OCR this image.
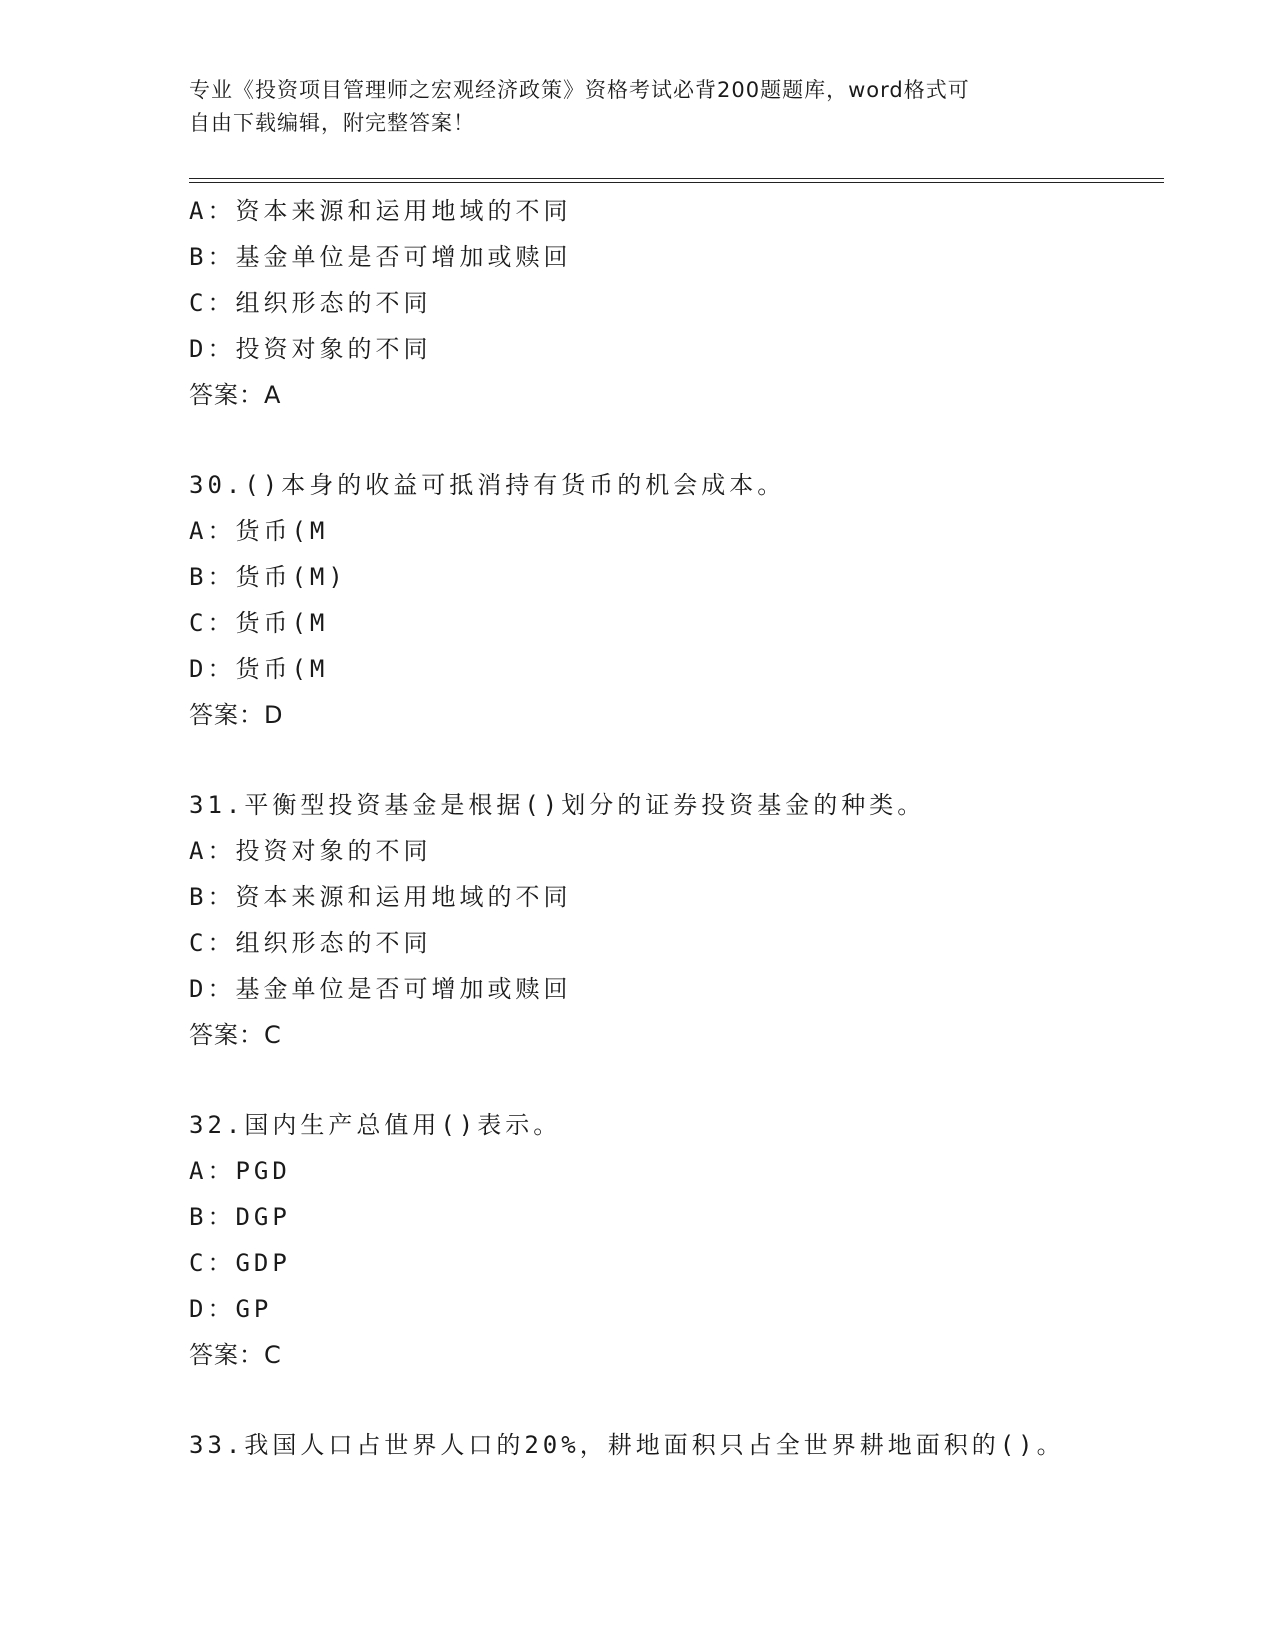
专业《投资项目管理师之宏观经济政策》资格考试必背200题题库，word格式可
自由下载编辑，附完整答案！
A：资本来源和运用地域的不同
B：基金单位是否可增加或赎回
C：组织形态的不同
D：投资对象的不同
答案：A
30.()本身的收益可抵消持有货币的机会成本。
A：货币(M
B：货币(M)
C：货币(M
D：货币(M
答案：D
31.平衡型投资基金是根据()划分的证券投资基金的种类。
A：投资对象的不同
B：资本来源和运用地域的不同
C：组织形态的不同
D：基金单位是否可增加或赎回
答案：C
32.国内生产总值用()表示。
A：PGD
B：DGP
C：GDP
D：GP
答案：C
33.我国人口占世界人口的20%，耕地面积只占全世界耕地面积的()。
